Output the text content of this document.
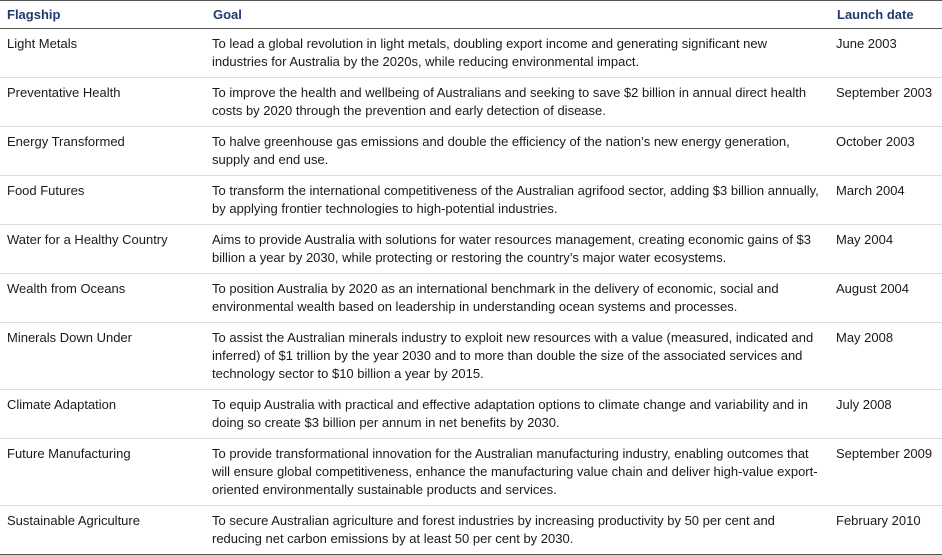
Flagship	Goal	Launch date
Light Metals	To lead a global revolution in light metals, doubling export income and generating significant new industries for Australia by the 2020s, while reducing environmental impact.	June 2003
Preventative Health	To improve the health and wellbeing of Australians and seeking to save $2 billion in annual direct health costs by 2020 through the prevention and early detection of disease.	September 2003
Energy Transformed	To halve greenhouse gas emissions and double the efficiency of the nation’s new energy generation, supply and end use.	October 2003
Food Futures	To transform the international competitiveness of the Australian agrifood sector, adding $3 billion annually, by applying frontier technologies to high-potential industries.	March 2004
Water for a Healthy Country	Aims to provide Australia with solutions for water resources management, creating economic gains of $3 billion a year by 2030, while protecting or restoring the country’s major water ecosystems.	May 2004
Wealth from Oceans	To position Australia by 2020 as an international benchmark in the delivery of economic, social and environmental wealth based on leadership in understanding ocean systems and processes.	August 2004
Minerals Down Under	To assist the Australian minerals industry to exploit new resources with a value (measured, indicated and inferred) of $1 trillion by the year 2030 and to more than double the size of the associated services and technology sector to $10 billion a year by 2015.	May 2008
Climate Adaptation	To equip Australia with practical and effective adaptation options to climate change and variability and in doing so create $3 billion per annum in net benefits by 2030.	July 2008
Future Manufacturing	To provide transformational innovation for the Australian manufacturing industry, enabling outcomes that will ensure global competitiveness, enhance the manufacturing value chain and deliver high-value export-oriented environmentally sustainable products and services.	September 2009
Sustainable Agriculture	To secure Australian agriculture and forest industries by increasing productivity by 50 per cent and reducing net carbon emissions by at least 50 per cent by 2030.	February 2010
